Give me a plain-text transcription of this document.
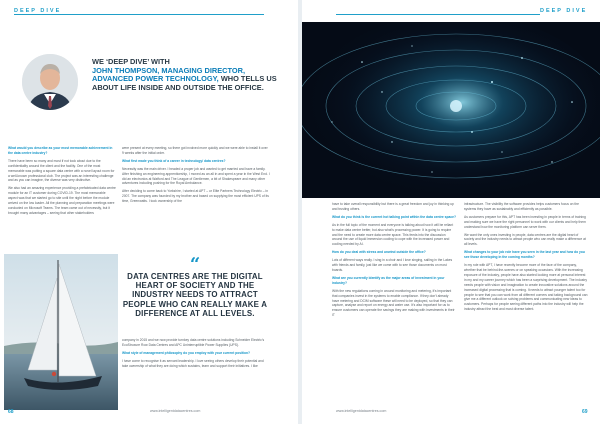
DEEP DIVE
WE ‘DEEP DIVE’ WITH
JOHN THOMPSON, MANAGING DIRECTOR, ADVANCED POWER TECHNOLOGY, WHO TELLS US ABOUT LIFE INSIDE AND OUTSIDE THE OFFICE.

What would you describe as your most memorable achievement in the data centre industry?

There have been so many and most if not took about due to the confidentiality around the client and the facility. One of the most memorable was putting a square data centre with a novel layout room for a well-known professional club. The project was an interesting challenge and as you can imagine, the diverse was very distinctive.

We also had an amazing experience providing a prefabricated data centre module for an IT customer during COVID-19. The most memorable aspect was that we started go to site until the night before the module arrived on the low loader. All the planning and preparation meetings were conducted on Microsoft Teams. The team came out of necessity, but it brought many advantages – seeing that other stakeholders

were present at every meeting, so there got involved more quickly and we were able to install it over 9 weeks after the initial order.

What first made you think of a career in technology/ data centres?

Necessity was the main driver. I headed a proper job and wanted to get married and have a family. After finishing an engineering apprenticeship, I moved as an all in and spent a year in the West End. I did an electronics at Watford and The League of Gentlemen, a bit of Shakespeare and many other adventures including pushing for the Royal Ambulance.

After deciding to come back to Yorkshire, I started at APT – or Elite Partners Technology Electric – in 2007. The company was founded by my brother and based on supplying the most efficient UPS of its time, Greenwatts. I took ownership of the

“
DATA CENTRES ARE THE DIGITAL HEART OF SOCIETY AND THE INDUSTRY NEEDS TO ATTRACT PEOPLE WHO CAN REALLY MAKE A DIFFERENCE AT ALL LEVELS.

company in 2015 and we now provide turnkey data centre solutions including Schneider Electric's EcoStruxure Row Data Centres and APC Uninterruptible Power Supplies (UPS).

What style of management philosophy do you employ with your current position?

I have come to recognise it as servant leadership. I love seeing others develop their potential and take ownership of what they are doing which sustains, learn and support their initiatives. I like

68	www.intelligentdatacentres.com
DEEP DIVE

have to take overall responsibility but there is a great freedom and joy in thinking up and trusting others.

What do you think is the current hot talking point within the data centre space?

As in the full topic of the moment and everyone is talking about how it will be reliant to make data centre better, but also what's processing power. It is going to require and the need to create more data centre space. This feeds into the discussion around the use of liquid immersion cooling to cope with the increased power and cooling needed by AI.

How do you deal with stress and unwind outside the office?

Lots of different ways really. I sing in a choir and I love singing, sailing in the Lakes with friends and family, just like we come with to see those documents on most boards.

What are you currently identify as the major areas of investment in your industry?

With the new regulations coming in around monitoring and metering, it's important that companies invest in the systems to enable compliance. If they don't already have metering and DCIM software these will need to be deployed, so that they can capture, analyse and report on energy and water use. It's also important for us to ensure customers can operate the savings they are making with investments in their IT

infrastructure. The visibility the software provides helps customers focus on the systems they have as sustainably and efficiently as possible.

As customers prepare for this, APT has been investing in people in terms of training and making sure we have the right personnel to work with our clients and help them understand how the monitoring platform can serve them.

We want the only ones investing in people, data centres are the digital heart of society and the industry needs to attract people who can really make a difference at all levels.

What changes to your job role have you seen in the last year and how do you see those developing in the coming months?

In my role with APT, I have recently become more of the face of the company, whether that be behind-the-scenes or on speaking occasions. With the increasing exposure of the industry, people have also started looking more at personal interest in my and my career journey which has been a surprising development. The industry needs people with vision and imagination to create innovative solutions around the increased digital processing that is coming. It needs to attract younger talent too for people to see that you can work from all different corners and taking background can give me a different outlook on solving problems and communicating new ideas to customers. Perhaps for people seeing different paths into the industry will help the industry attract the best and most diverse talent.

www.intelligentdatacentres.com	69
